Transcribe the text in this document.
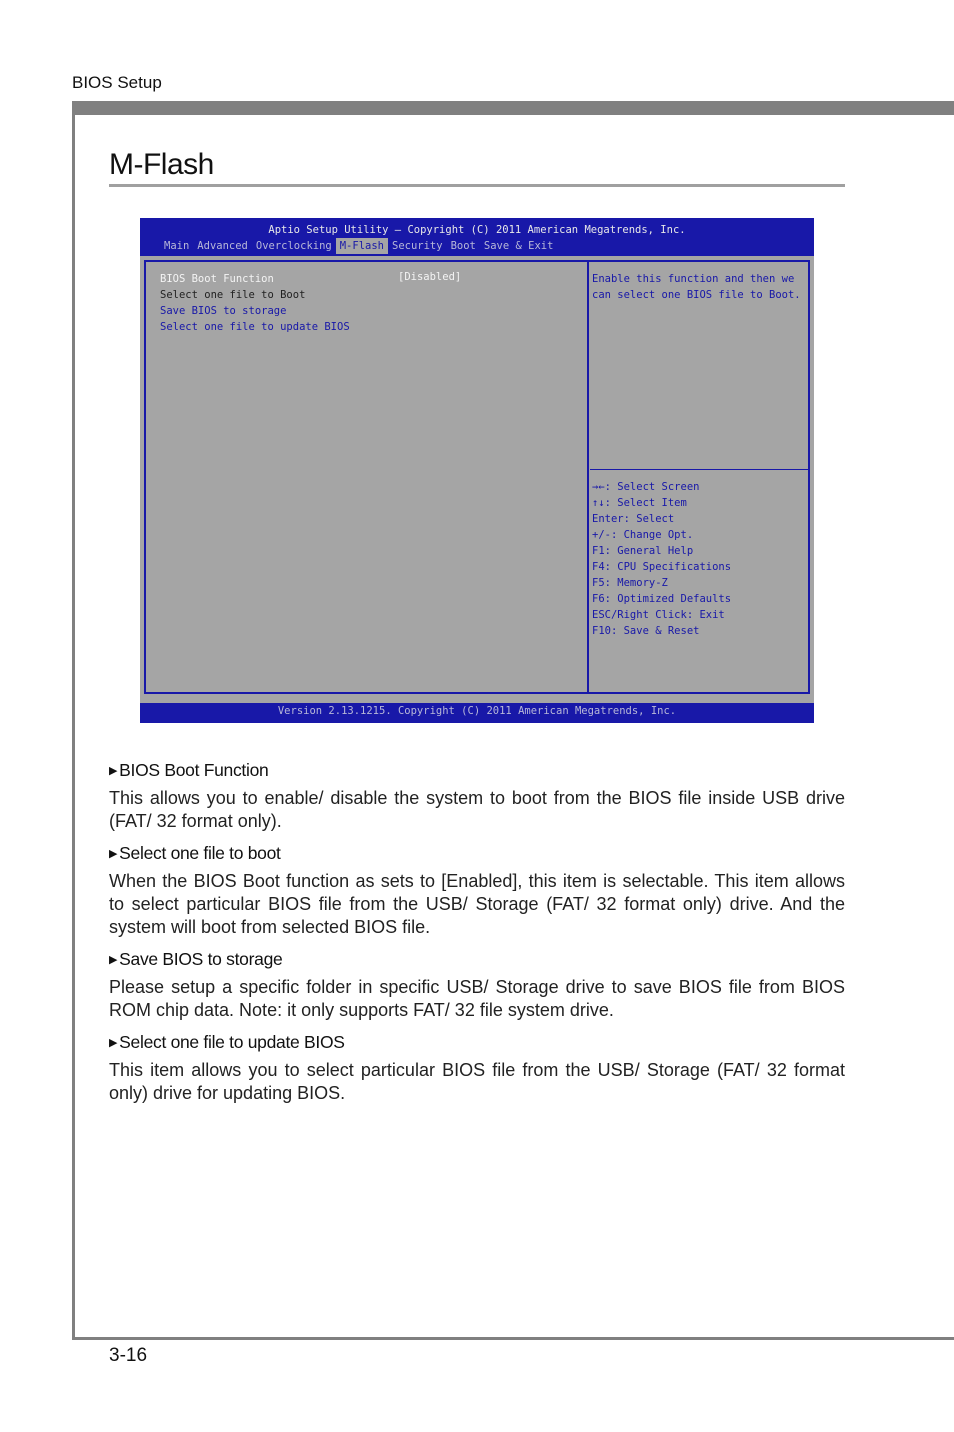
BIOS Setup
M-Flash
Aptio Setup Utility – Copyright (C) 2011 American Megatrends, Inc.
Main Advanced Overclocking M-Flash Security Boot Save & Exit
BIOS Boot Function	[Disabled]
Select one file to Boot
Save BIOS to storage
Select one file to update BIOS
Enable this function and then we can select one BIOS file to Boot.
→←: Select Screen
↑↓: Select Item
Enter: Select
+/-: Change Opt.
F1: General Help
F4: CPU Specifications
F5: Memory-Z
F6: Optimized Defaults
ESC/Right Click: Exit
F10: Save & Reset
Version 2.13.1215. Copyright (C) 2011 American Megatrends, Inc.
▶ BIOS Boot Function

This allows you to enable/ disable the system to boot from the BIOS file inside USB drive (FAT/ 32 format only).

▶ Select one file to boot

When the BIOS Boot function as sets to [Enabled], this item is selectable. This item allows to select particular BIOS file from the USB/ Storage (FAT/ 32 format only) drive. And the system will boot from selected BIOS file.

▶ Save BIOS to storage

Please setup a specific folder in specific USB/ Storage drive to save BIOS file from BIOS ROM chip data. Note: it only supports FAT/ 32 file system drive.

▶ Select one file to update BIOS

This item allows you to select particular BIOS file from the USB/ Storage (FAT/ 32 format only) drive for updating BIOS.

3-16
